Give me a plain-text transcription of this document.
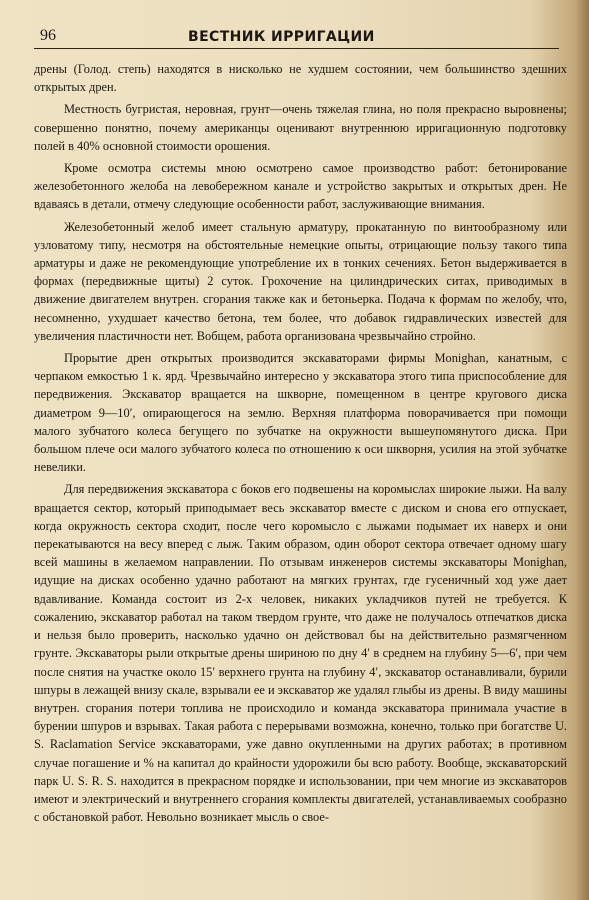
96	ВЕСТНИК ИРРИГАЦИИ

дрены (Голод. степь) находятся в нисколько не худшем состоянии, чем большинство здешних открытых дрен.

Местность бугристая, неровная, грунт—очень тяжелая глина, но поля прекрасно выровнены; совершенно понятно, почему американцы оценивают внутреннюю ирригационную подготовку полей в 40% основной стоимости орошения.

Кроме осмотра системы мною осмотрено самое производство работ: бетонирование железобетонного желоба на левобережном канале и устройство закрытых и открытых дрен. Не вдаваясь в детали, отмечу следующие особенности работ, заслуживающие внимания.

Железобетонный желоб имеет стальную арматуру, прокатанную по винтообразному или узловатому типу, несмотря на обстоятельные немецкие опыты, отрицающие пользу такого типа арматуры и даже не рекомендующие употребление их в тонких сечениях. Бетон выдерживается в формах (передвижные щиты) 2 суток. Грохочение на цилиндрических ситах, приводимых в движение двигателем внутрен. сгорания также как и бетоньерка. Подача к формам по желобу, что, несомненно, ухудшает качество бетона, тем более, что добавок гидравлических известей для увеличения пластичности нет. Вобщем, работа организована чрезвычайно стройно.

Прорытие дрен открытых производится экскаваторами фирмы Monighan, канатным, с черпаком емкостью 1 к. ярд. Чрезвычайно интересно у экскаватора этого типа приспособление для передвижения. Экскаватор вращается на шкворне, помещенном в центре кругового диска диаметром 9—10′, опирающегося на землю. Верхняя платформа поворачивается при помощи малого зубчатого колеса бегущего по зубчатке на окружности вышеупомянутого диска. При большом плече оси малого зубчатого колеса по отношению к оси шкворня, усилия на этой зубчатке невелики.

Для передвижения экскаватора с боков его подвешены на коромыслах широкие лыжи. На валу вращается сектор, который приподымает весь экскаватор вместе с диском и снова его отпускает, когда окружность сектора сходит, после чего коромысло с лыжами подымает их наверх и они перекатываются на весу вперед с лыж. Таким образом, один оборот сектора отвечает одному шагу всей машины в желаемом направлении. По отзывам инженеров системы экскаваторы Monighan, идущие на дисках особенно удачно работают на мягких грунтах, где гусеничный ход уже дает вдавливание. Команда состоит из 2-х человек, никаких укладчиков путей не требуется. К сожалению, экскаватор работал на таком твердом грунте, что даже не получалось отпечатков диска и нельзя было проверить, насколько удачно он действовал бы на действительно размягченном грунте. Экскаваторы рыли открытые дрены шириною по дну 4′ в среднем на глубину 5—6′, при чем после снятия на участке около 15′ верхнего грунта на глубину 4′, экскаватор останавливали, бурили шпуры в лежащей внизу скале, взрывали ее и экскаватор же удалял глыбы из дрены. В виду машины внутрен. сгорания потери топлива не происходило и команда экскаватора принимала участие в бурении шпуров и взрывах. Такая работа с перерывами возможна, конечно, только при богатстве U. S. Raclamation Service экскаваторами, уже давно окупленными на других работах; в противном случае погашение и % на капитал до крайности удорожили бы всю работу. Вообще, экскаваторский парк U. S. R. S. находится в прекрасном порядке и использовании, при чем многие из экскаваторов имеют и электрический и внутреннего сгорания комплекты двигателей, устанавливаемых сообразно с обстановкой работ. Невольно возникает мысль о свое-
